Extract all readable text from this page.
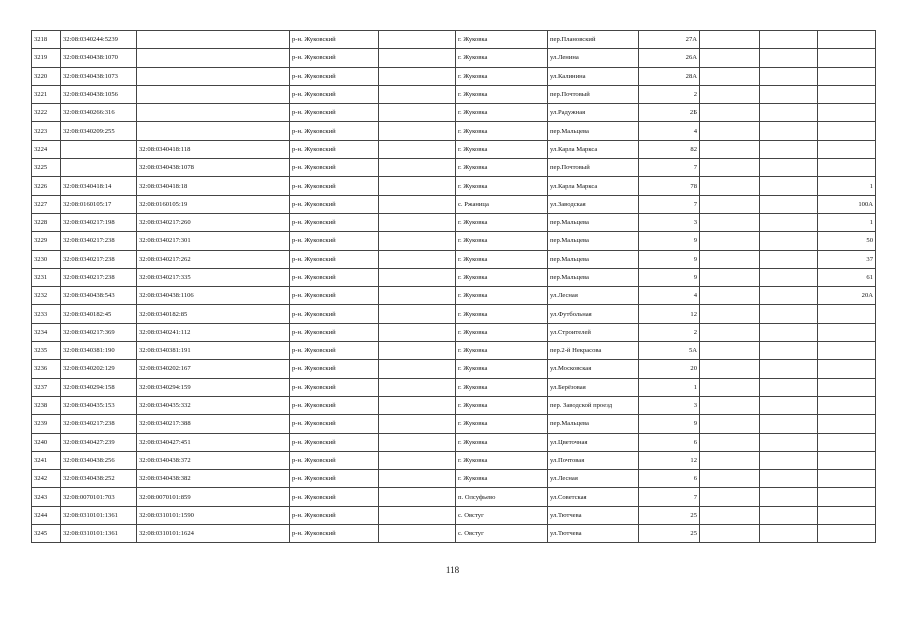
3218	32:08:0340244:5239		р-н. Жуковский		г. Жуковка	пер.Плановский	27А			
3219	32:08:0340438:1070		р-н. Жуковский		г. Жуковка	ул.Ленина	26А			
3220	32:08:0340438:1073		р-н. Жуковский		г. Жуковка	ул.Калинина	28А			
3221	32:08:0340438:1056		р-н. Жуковский		г. Жуковка	пер.Почтовый	2			
3222	32:08:0340266:316		р-н. Жуковский		г. Жуковка	ул.Радужная	2Б			
3223	32:08:0340209:255		р-н. Жуковский		г. Жуковка	пер.Мальцева	4			
3224		32:08:0340418:118	р-н. Жуковский		г. Жуковка	ул.Карла Маркса	82			
3225		32:08:0340438:1078	р-н. Жуковский		г. Жуковка	пер.Почтовый	7			
3226	32:08:0340418:14	32:08:0340418:18	р-н. Жуковский		г. Жуковка	ул.Карла Маркса	78			1
3227	32:08:0160105:17	32:08:0160105:19	р-н. Жуковский		с. Ржаница	ул.Заводская	7			100А
3228	32:08:0340217:198	32:08:0340217:260	р-н. Жуковский		г. Жуковка	пер.Мальцева	3			1
3229	32:08:0340217:238	32:08:0340217:301	р-н. Жуковский		г. Жуковка	пер.Мальцева	9			50
3230	32:08:0340217:238	32:08:0340217:262	р-н. Жуковский		г. Жуковка	пер.Мальцева	9			37
3231	32:08:0340217:238	32:08:0340217:335	р-н. Жуковский		г. Жуковка	пер.Мальцева	9			61
3232	32:08:0340438:543	32:08:0340438:1106	р-н. Жуковский		г. Жуковка	ул.Лесная	4			20А
3233	32:08:0340182:45	32:08:0340182:85	р-н. Жуковский		г. Жуковка	ул.Футбольная	12			
3234	32:08:0340217:369	32:08:0340241:112	р-н. Жуковский		г. Жуковка	ул.Строителей	2			
3235	32:08:0340381:190	32:08:0340381:191	р-н. Жуковский		г. Жуковка	пер.2-й Некрасова	5А			
3236	32:08:0340202:129	32:08:0340202:167	р-н. Жуковский		г. Жуковка	ул.Московская	20			
3237	32:08:0340294:158	32:08:0340294:159	р-н. Жуковский		г. Жуковка	ул.Берёзовая	1			
3238	32:08:0340435:153	32:08:0340435:332	р-н. Жуковский		г. Жуковка	пер. Заводской проезд	3			
3239	32:08:0340217:238	32:08:0340217:388	р-н. Жуковский		г. Жуковка	пер.Мальцева	9			
3240	32:08:0340427:239	32:08:0340427:451	р-н. Жуковский		г. Жуковка	ул.Цветочная	6			
3241	32:08:0340438:256	32:08:0340438:372	р-н. Жуковский		г. Жуковка	ул.Почтовая	12			
3242	32:08:0340438:252	32:08:0340438:382	р-н. Жуковский		г. Жуковка	ул.Лесная	6			
3243	32:08:0070101:703	32:08:0070101:859	р-н. Жуковский		п. Олсуфьево	ул.Советская	7			
3244	32:08:0310101:1361	32:08:0310101:1590	р-н. Жуковский		с. Овстуг	ул.Тютчева	25			
3245	32:08:0310101:1361	32:08:0310101:1624	р-н. Жуковский		с. Овстуг	ул.Тютчева	25			
118
